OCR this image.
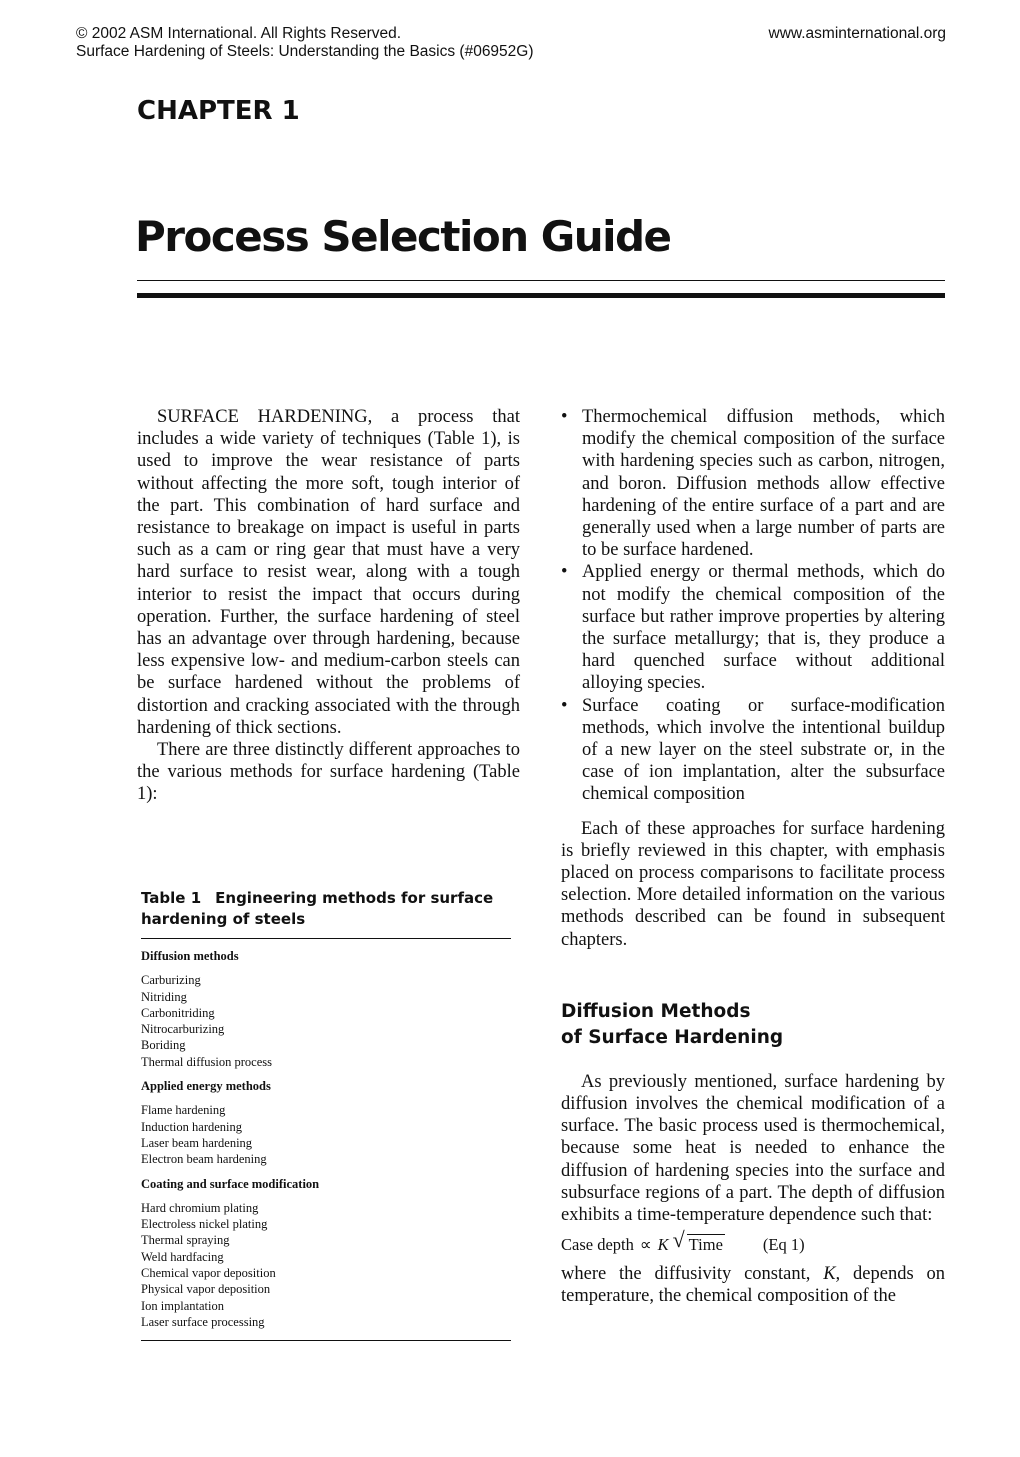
© 2002 ASM International. All Rights Reserved.
Surface Hardening of Steels: Understanding the Basics (#06952G)
www.asminternational.org
CHAPTER 1
Process Selection Guide

SURFACE HARDENING, a process that includes a wide variety of techniques (Table 1), is used to improve the wear resistance of parts without affecting the more soft, tough interior of the part. This combination of hard surface and resistance to breakage on impact is useful in parts such as a cam or ring gear that must have a very hard surface to resist wear, along with a tough interior to resist the impact that occurs during operation. Further, the surface hardening of steel has an advantage over through hardening, because less expensive low- and medium-carbon steels can be surface hardened without the problems of distortion and cracking associated with the through hardening of thick sections.

There are three distinctly different approaches to the various methods for surface hardening (Table 1):

Table 1 Engineering methods for surface hardening of steels

Diffusion methods

Carburizing

Nitriding

Carbonitriding

Nitrocarburizing

Boriding

Thermal diffusion process

Applied energy methods

Flame hardening

Induction hardening

Laser beam hardening

Electron beam hardening

Coating and surface modification

Hard chromium plating

Electroless nickel plating

Thermal spraying

Weld hardfacing

Chemical vapor deposition

Physical vapor deposition

Ion implantation

Laser surface processing

• Thermochemical diffusion methods, which modify the chemical composition of the surface with hardening species such as carbon, nitrogen, and boron. Diffusion methods allow effective hardening of the entire surface of a part and are generally used when a large number of parts are to be surface hardened.
• Applied energy or thermal methods, which do not modify the chemical composition of the surface but rather improve properties by altering the surface metallurgy; that is, they produce a hard quenched surface without additional alloying species.
• Surface coating or surface-modification methods, which involve the intentional buildup of a new layer on the steel substrate or, in the case of ion implantation, alter the subsurface chemical composition

Each of these approaches for surface hardening is briefly reviewed in this chapter, with emphasis placed on process comparisons to facilitate process selection. More detailed information on the various methods described can be found in subsequent chapters.

Diffusion Methods

of Surface Hardening

As previously mentioned, surface hardening by diffusion involves the chemical modification of a surface. The basic process used is thermochemical, because some heat is needed to enhance the diffusion of hardening species into the surface and subsurface regions of a part. The depth of diffusion exhibits a time-temperature dependence such that:

Case depth ∝ K √ Time (Eq 1)

where the diffusivity constant, K, depends on temperature, the chemical composition of the
